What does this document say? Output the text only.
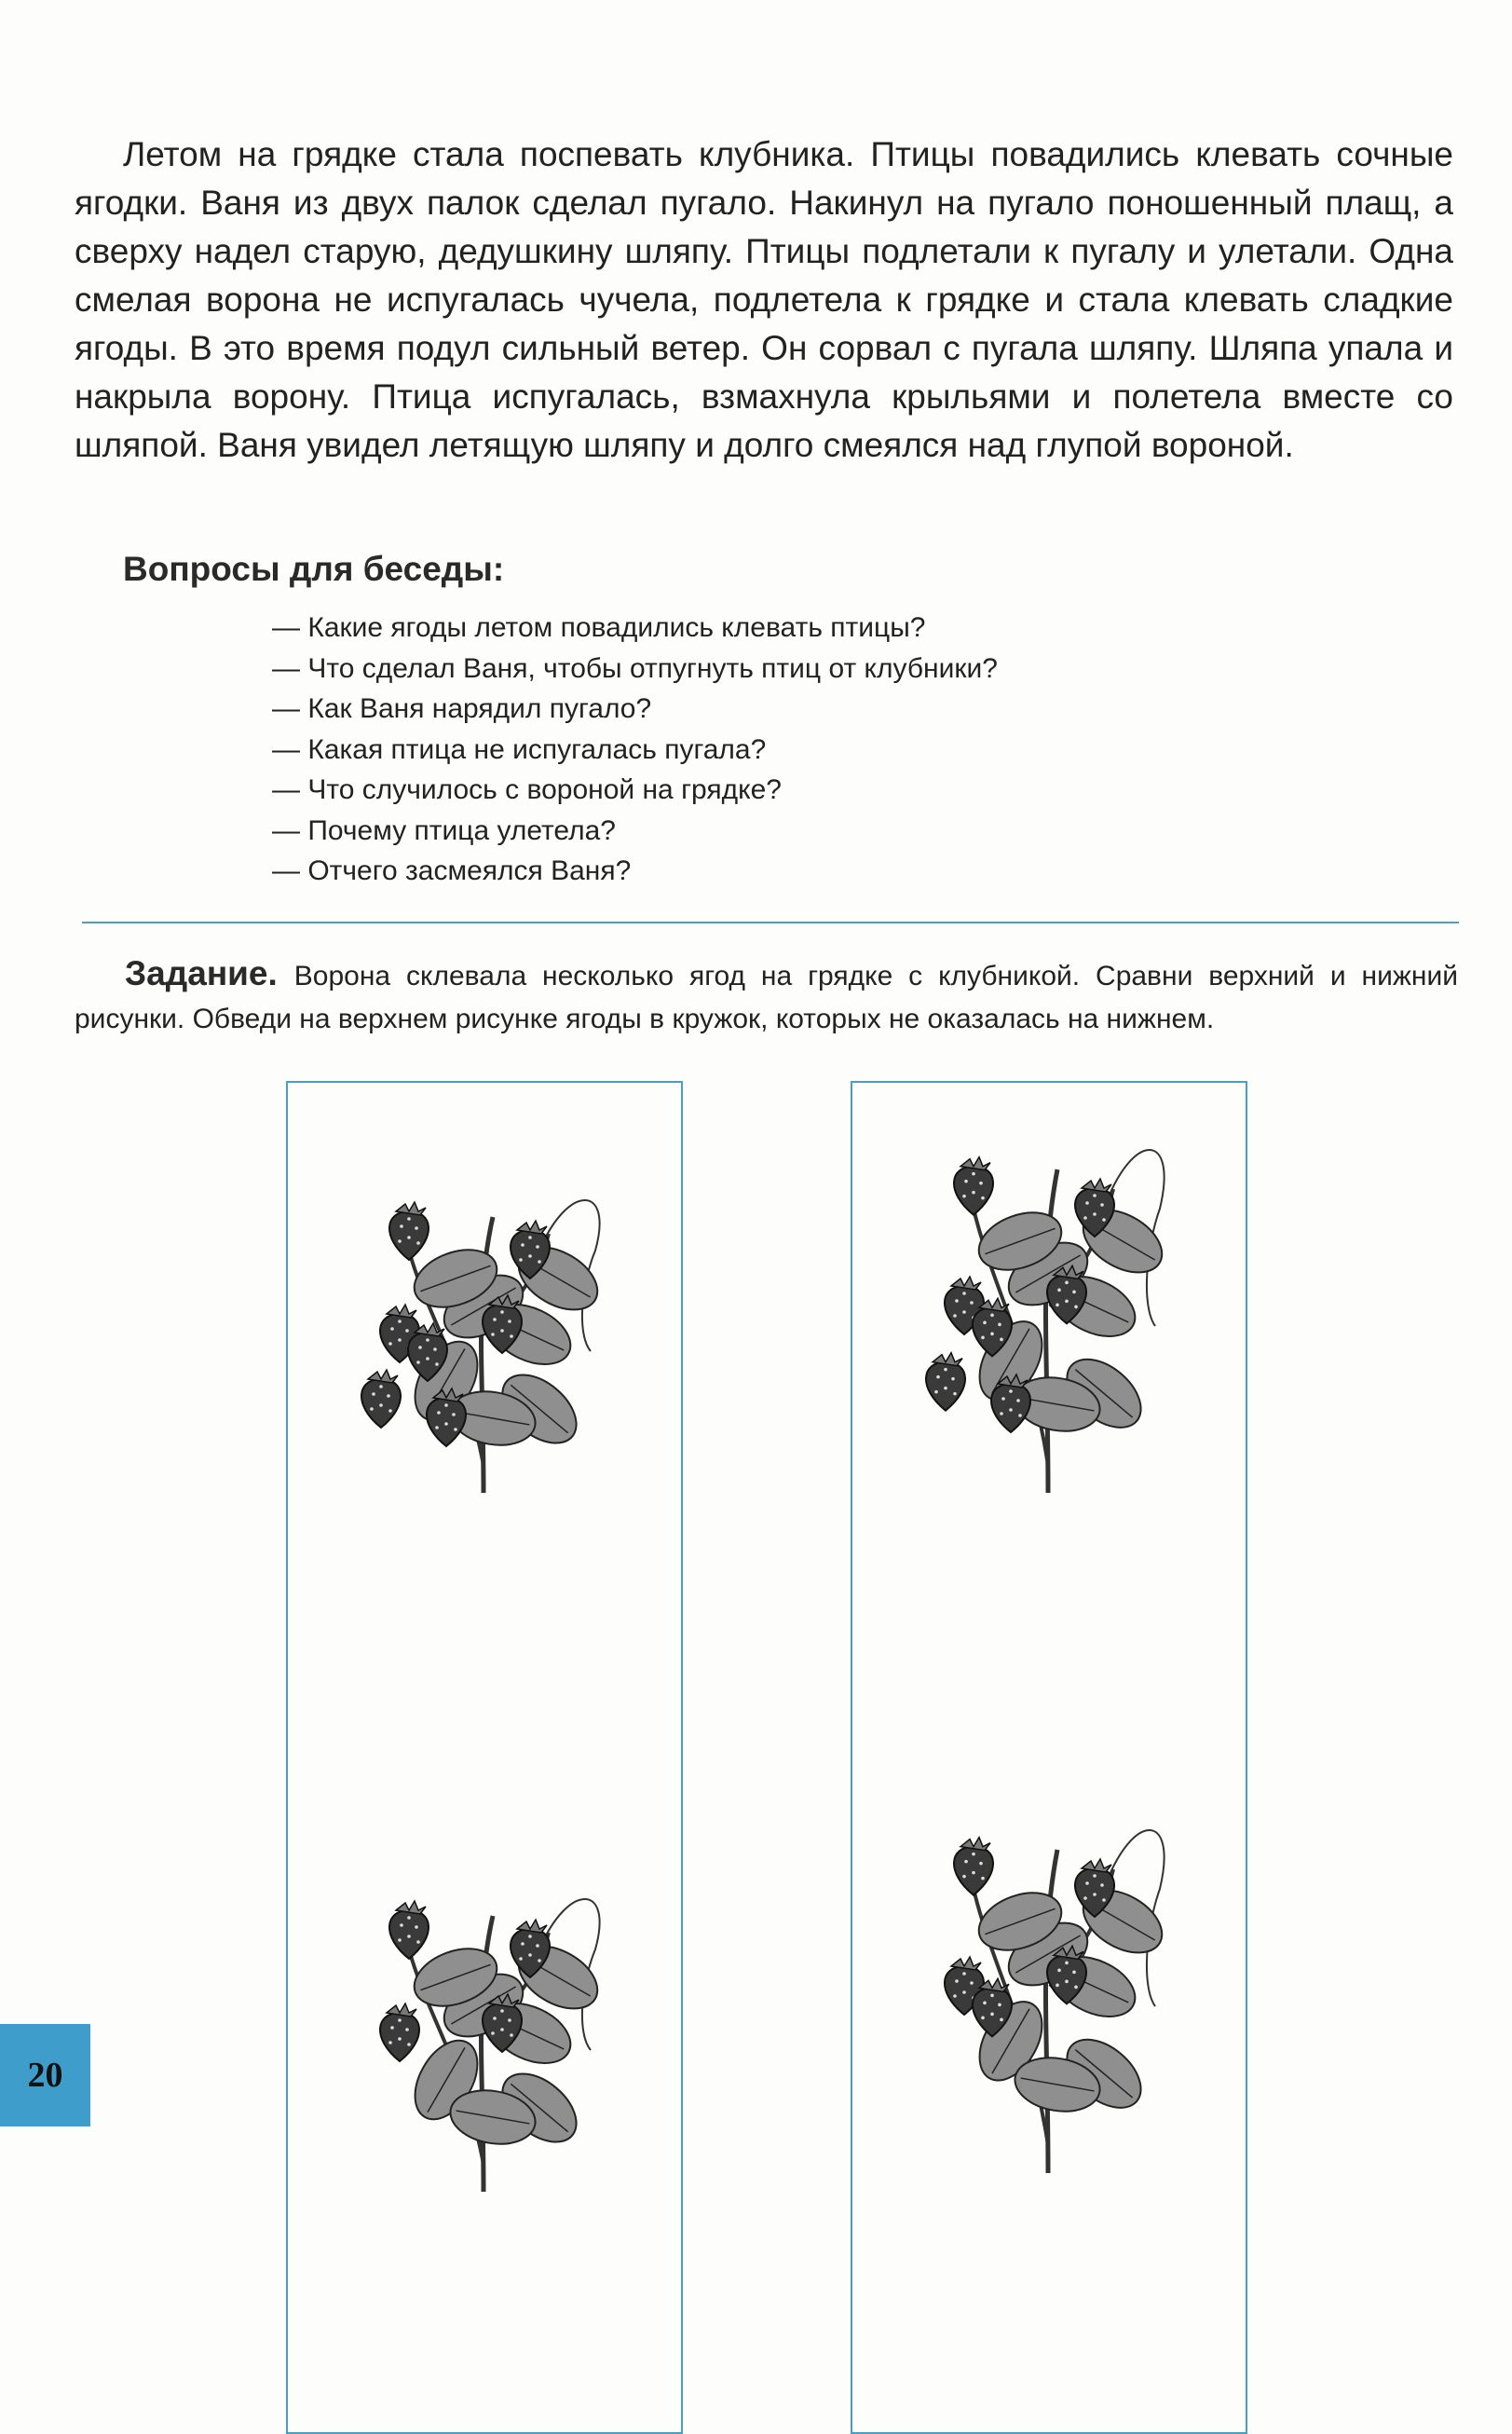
Летом на грядке стала поспевать клубника. Птицы повадились клевать сочные ягодки. Ваня из двух палок сделал пугало. Накинул на пугало поношенный плащ, а сверху надел старую, дедушкину шляпу. Птицы подлетали к пугалу и улетали. Одна смелая ворона не испугалась чучела, подлетела к грядке и стала клевать сладкие ягоды. В это время подул сильный ветер. Он сорвал с пугала шляпу. Шляпа упала и накрыла ворону. Птица испугалась, взмахнула крыльями и полетела вместе со шляпой. Ваня увидел летящую шляпу и долго смеялся над глупой вороной.

Вопросы для беседы:
— Какие ягоды летом повадились клевать птицы?
— Что сделал Ваня, чтобы отпугнуть птиц от клубники?
— Как Ваня нарядил пугало?
— Какая птица не испугалась пугала?
— Что случилось с вороной на грядке?
— Почему птица улетела?
— Отчего засмеялся Ваня?

Задание. Ворона склевала несколько ягод на грядке с клубникой. Сравни верхний и нижний рисунки. Обведи на верхнем рисунке ягоды в кружок, которых не оказалась на нижнем.

20
